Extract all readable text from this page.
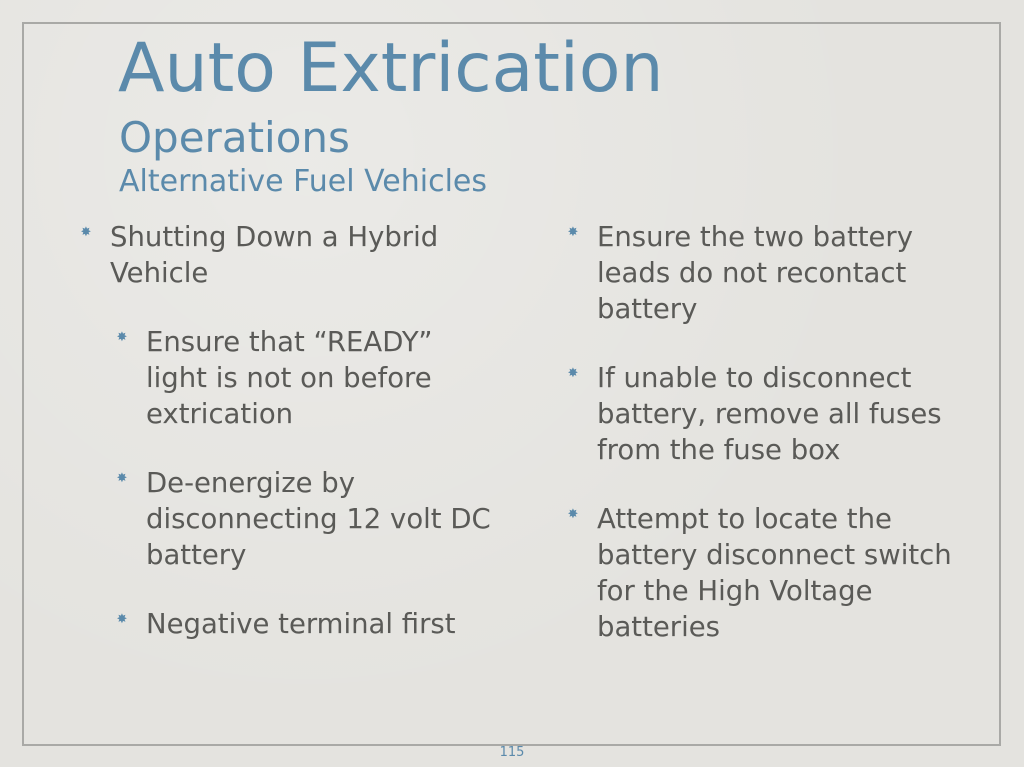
Auto Extrication
Operations
Alternative Fuel Vehicles
✸ Shutting Down a Hybrid Vehicle
✸ Ensure that “READY” light is not on before extrication
✸ De-energize by disconnecting 12 volt DC battery
✸ Negative terminal first
✸ Ensure the two battery leads do not recontact battery
✸ If unable to disconnect battery, remove all fuses from the fuse box
✸ Attempt to locate the battery disconnect switch for the High Voltage batteries
115
